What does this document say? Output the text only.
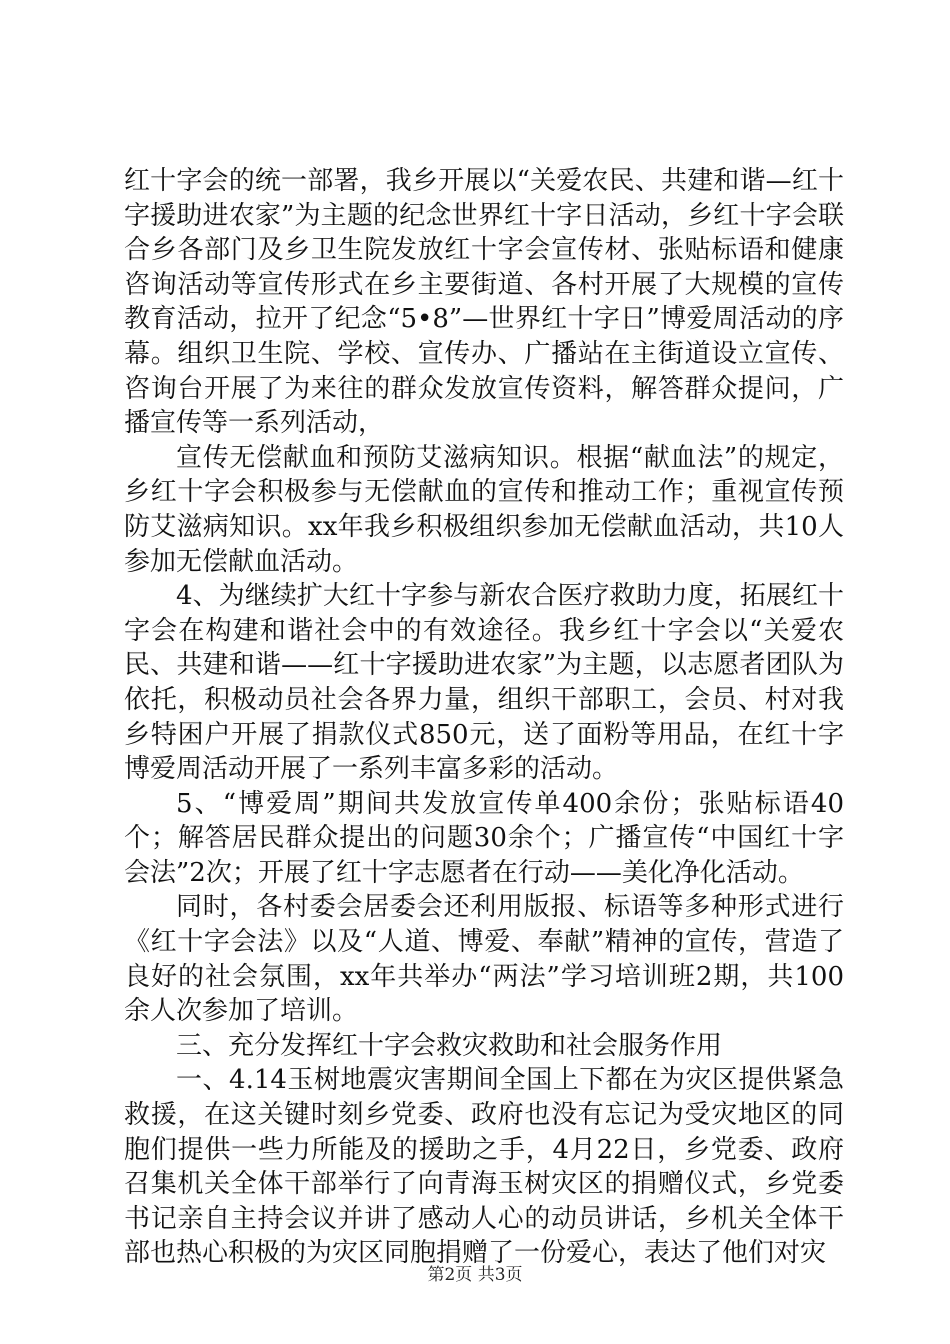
红十字会的统一部署，我乡开展以“关爱农民、共建和谐—红十字援助进农家”为主题的纪念世界红十字日活动，乡红十字会联合乡各部门及乡卫生院发放红十字会宣传材、张贴标语和健康咨询活动等宣传形式在乡主要街道、各村开展了大规模的宣传教育活动，拉开了纪念“5•8”—世界红十字日”博爱周活动的序幕。组织卫生院、学校、宣传办、广播站在主街道设立宣传、咨询台开展了为来往的群众发放宣传资料，解答群众提问，广播宣传等一系列活动，

宣传无偿献血和预防艾滋病知识。根据“献血法”的规定，乡红十字会积极参与无偿献血的宣传和推动工作；重视宣传预防艾滋病知识。xx年我乡积极组织参加无偿献血活动，共10人参加无偿献血活动。

4、为继续扩大红十字参与新农合医疗救助力度，拓展红十字会在构建和谐社会中的有效途径。我乡红十字会以“关爱农民、共建和谐——红十字援助进农家”为主题，以志愿者团队为依托，积极动员社会各界力量，组织干部职工，会员、村对我乡特困户开展了捐款仪式850元，送了面粉等用品，在红十字博爱周活动开展了一系列丰富多彩的活动。

5、“博爱周”期间共发放宣传单400余份；张贴标语40个；解答居民群众提出的问题30余个；广播宣传“中国红十字会法”2次；开展了红十字志愿者在行动——美化净化活动。

同时，各村委会居委会还利用版报、标语等多种形式进行《红十字会法》以及“人道、博爱、奉献”精神的宣传，营造了良好的社会氛围，xx年共举办“两法”学习培训班2期，共100余人次参加了培训。

三、充分发挥红十字会救灾救助和社会服务作用

一、4.14玉树地震灾害期间全国上下都在为灾区提供紧急救援，在这关键时刻乡党委、政府也没有忘记为受灾地区的同胞们提供一些力所能及的援助之手，4月22日，乡党委、政府召集机关全体干部举行了向青海玉树灾区的捐赠仪式，乡党委书记亲自主持会议并讲了感动人心的动员讲话，乡机关全体干部也热心积极的为灾区同胞捐赠了一份爱心，表达了他们对灾

第2页 共3页
